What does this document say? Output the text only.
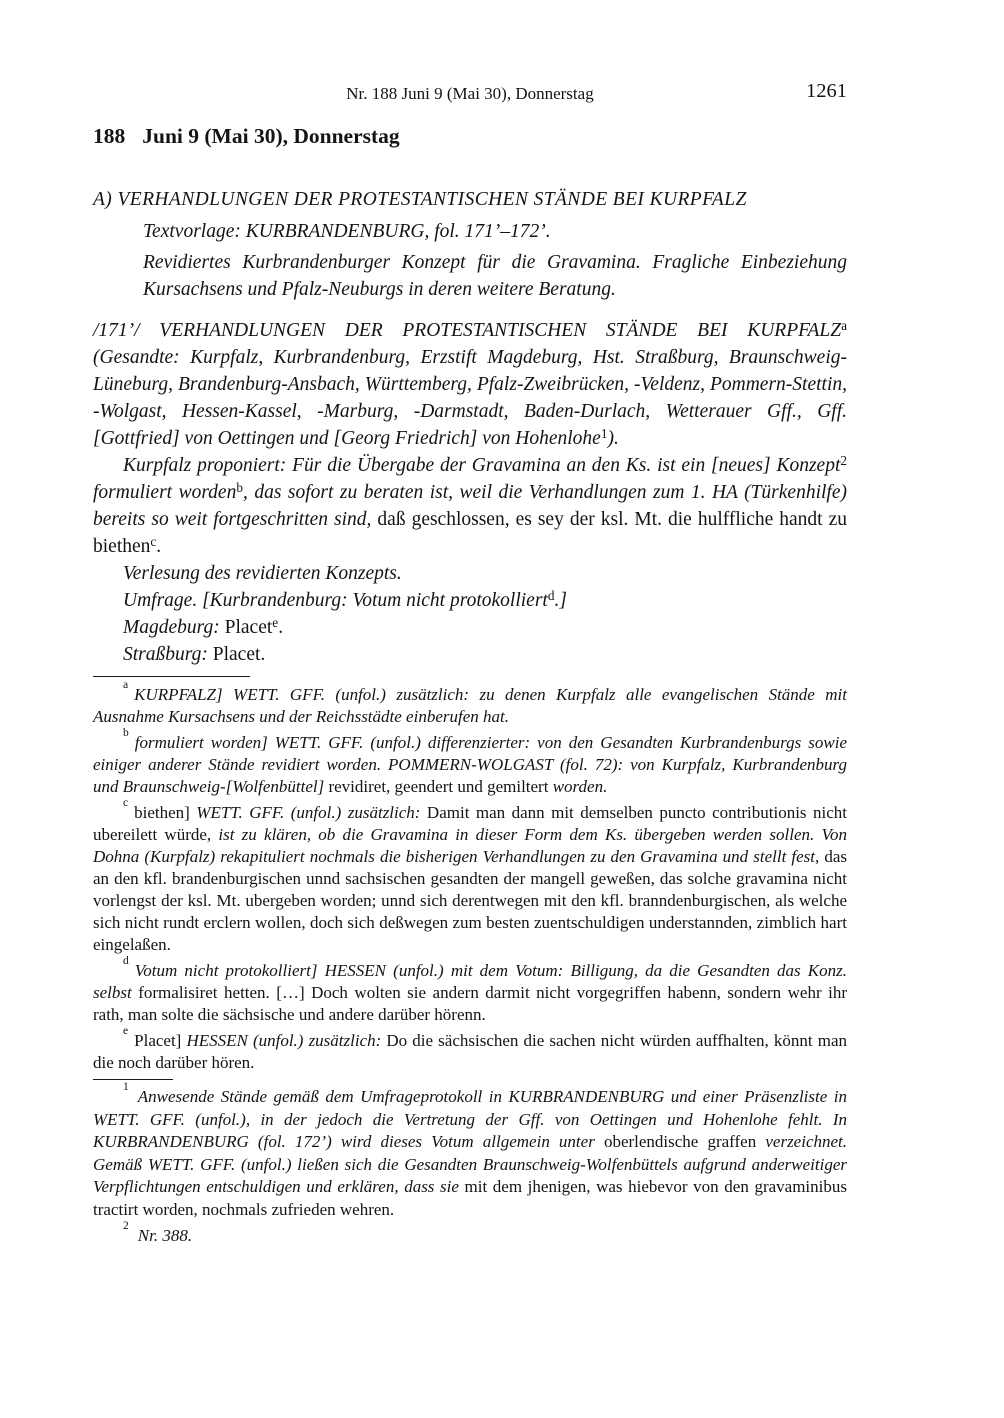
Nr. 188 Juni 9 (Mai 30), Donnerstag	1261
188 Juni 9 (Mai 30), Donnerstag
A) VERHANDLUNGEN DER PROTESTANTISCHEN STÄNDE BEI KURPFALZ
Textvorlage: KURBRANDENBURG, fol. 171’–172’.
Revidiertes Kurbrandenburger Konzept für die Gravamina. Fragliche Einbeziehung Kursachsens und Pfalz-Neuburgs in deren weitere Beratung.

/171’/ VERHANDLUNGEN DER PROTESTANTISCHEN STÄNDE BEI KURPFALZ$^a$ (Gesandte: Kurpfalz, Kurbrandenburg, Erzstift Magdeburg, Hst. Straßburg, Braunschweig-Lüneburg, Brandenburg-Ansbach, Württemberg, Pfalz-Zweibrücken, -Veldenz, Pommern-Stettin, -Wolgast, Hessen-Kassel, -Marburg, -Darmstadt, Baden-Durlach, Wetterauer Gff., Gff. [Gottfried] von Oettingen und [Georg Friedrich] von Hohenlohe$^1$).

Kurpfalz proponiert: Für die Übergabe der Gravamina an den Ks. ist ein [neues] Konzept$^2$ formuliert worden$^b$, das sofort zu beraten ist, weil die Verhandlungen zum 1. HA (Türkenhilfe) bereits so weit fortgeschritten sind, daß geschlossen, es sey der ksl. Mt. die hulffliche handt zu biethen$^c$.

Verlesung des revidierten Konzepts.

Umfrage. [Kurbrandenburg: Votum nicht protokolliert$^d$.]

Magdeburg: Placet$^e$.

Straßburg: Placet.

$^a$KURPFALZ] WETT. GFF. (unfol.) zusätzlich: zu denen Kurpfalz alle evangelischen Stände mit Ausnahme Kursachsens und der Reichsstädte einberufen hat.

$^b$formuliert worden] WETT. GFF. (unfol.) differenzierter: von den Gesandten Kurbrandenburgs sowie einiger anderer Stände revidiert worden. POMMERN-WOLGAST (fol. 72): von Kurpfalz, Kurbrandenburg und Braunschweig-[Wolfenbüttel] revidiret, geendert und gemiltert worden.

$^c$biethen] WETT. GFF. (unfol.) zusätzlich: Damit man dann mit demselben puncto contributionis nicht ubereilett würde, ist zu klären, ob die Gravamina in dieser Form dem Ks. übergeben werden sollen. Von Dohna (Kurpfalz) rekapituliert nochmals die bisherigen Verhandlungen zu den Gravamina und stellt fest, das an den kfl. brandenburgischen unnd sachsischen gesandten der mangell geweßen, das solche gravamina nicht vorlengst der ksl. Mt. ubergeben worden; unnd sich derentwegen mit den kfl. branndenburgischen, als welche sich nicht rundt erclern wollen, doch sich deßwegen zum besten zuentschuldigen understannden, zimblich hart eingelaßen.

$^d$Votum nicht protokolliert] HESSEN (unfol.) mit dem Votum: Billigung, da die Gesandten das Konz. selbst formalisiret hetten. […] Doch wolten sie andern darmit nicht vorgegriffen habenn, sondern wehr ihr rath, man solte die sächsische und andere darüber hörenn.

$^e$Placet] HESSEN (unfol.) zusätzlich: Do die sächsischen die sachen nicht würden auffhalten, könnt man die noch darüber hören.

$^1$Anwesende Stände gemäß dem Umfrageprotokoll in KURBRANDENBURG und einer Präsenzliste in WETT. GFF. (unfol.), in der jedoch die Vertretung der Gff. von Oettingen und Hohenlohe fehlt. In KURBRANDENBURG (fol. 172’) wird dieses Votum allgemein unter oberlendische graffen verzeichnet. Gemäß WETT. GFF. (unfol.) ließen sich die Gesandten Braunschweig-Wolfenbüttels aufgrund anderweitiger Verpflichtungen entschuldigen und erklären, dass sie mit dem jhenigen, was hiebevor von den gravaminibus tractirt worden, nochmals zufrieden wehren.

$^2$Nr. 388.
